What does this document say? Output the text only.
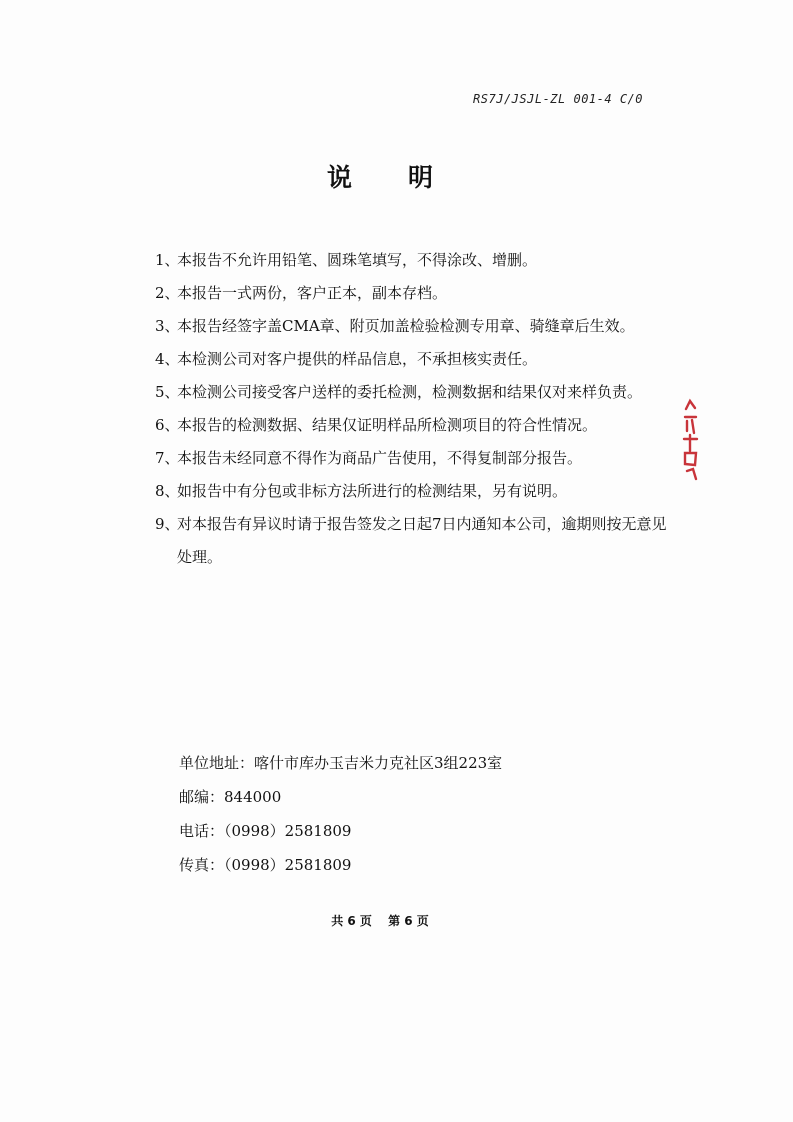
RS7J/JSJL-ZL 001-4 C/0
说明
1、
本报告不允许用铅笔、圆珠笔填写，不得涂改、增删。
2、
本报告一式两份，客户正本，副本存档。
3、
本报告经签字盖CMA章、附页加盖检验检测专用章、骑缝章后生效。
4、
本检测公司对客户提供的样品信息，不承担核实责任。
5、
本检测公司接受客户送样的委托检测，检测数据和结果仅对来样负责。
6、
本报告的检测数据、结果仅证明样品所检测项目的符合性情况。
7、
本报告未经同意不得作为商品广告使用，不得复制部分报告。
8、
如报告中有分包或非标方法所进行的检测结果，另有说明。
9、
对本报告有异议时请于报告签发之日起7日内通知本公司，逾期则按无意见处理。
单位地址：喀什市库办玉吉米力克社区3组223室
邮编：844000
电话：（0998）2581809
传真：（0998）2581809
共 6 页 第 6 页
